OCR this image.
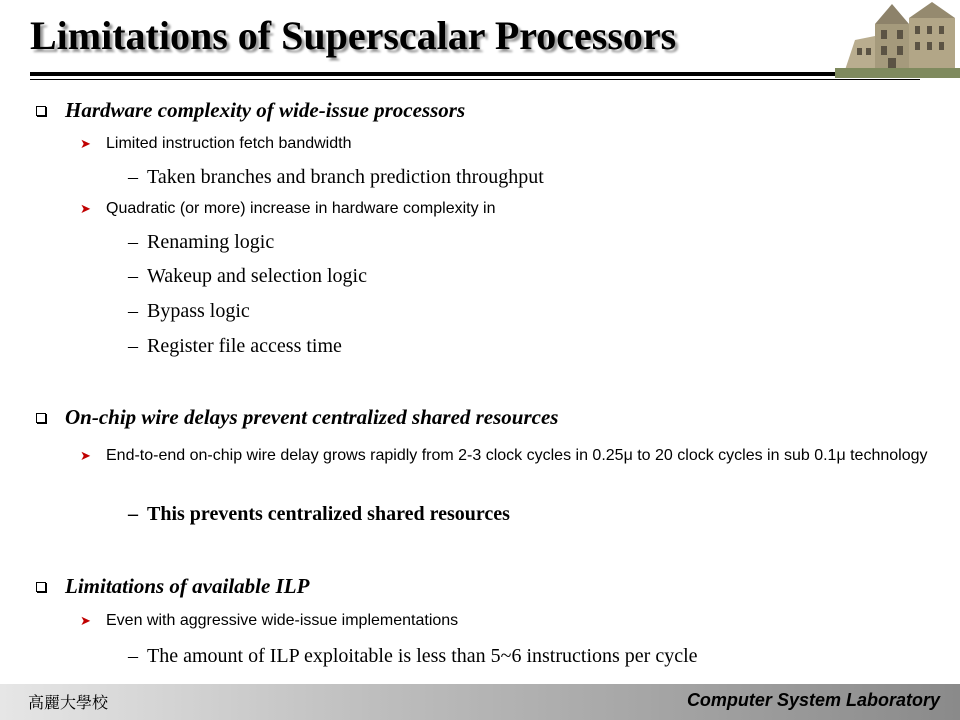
Limitations of Superscalar Processors
Hardware complexity of wide-issue processors
➤ Limited instruction fetch bandwidth
– Taken branches and branch prediction throughput
➤ Quadratic (or more) increase in hardware complexity in
– Renaming logic
– Wakeup and selection logic
– Bypass logic
– Register file access time
On-chip wire delays prevent centralized shared resources
➤ End-to-end on-chip wire delay grows rapidly from 2-3 clock cycles in 0.25μ to 20 clock cycles in sub 0.1μ technology
– This prevents centralized shared resources
Limitations of available ILP
➤ Even with aggressive wide-issue implementations
– The amount of ILP exploitable is less than 5~6 instructions per cycle
高麗大學校	Computer System Laboratory
